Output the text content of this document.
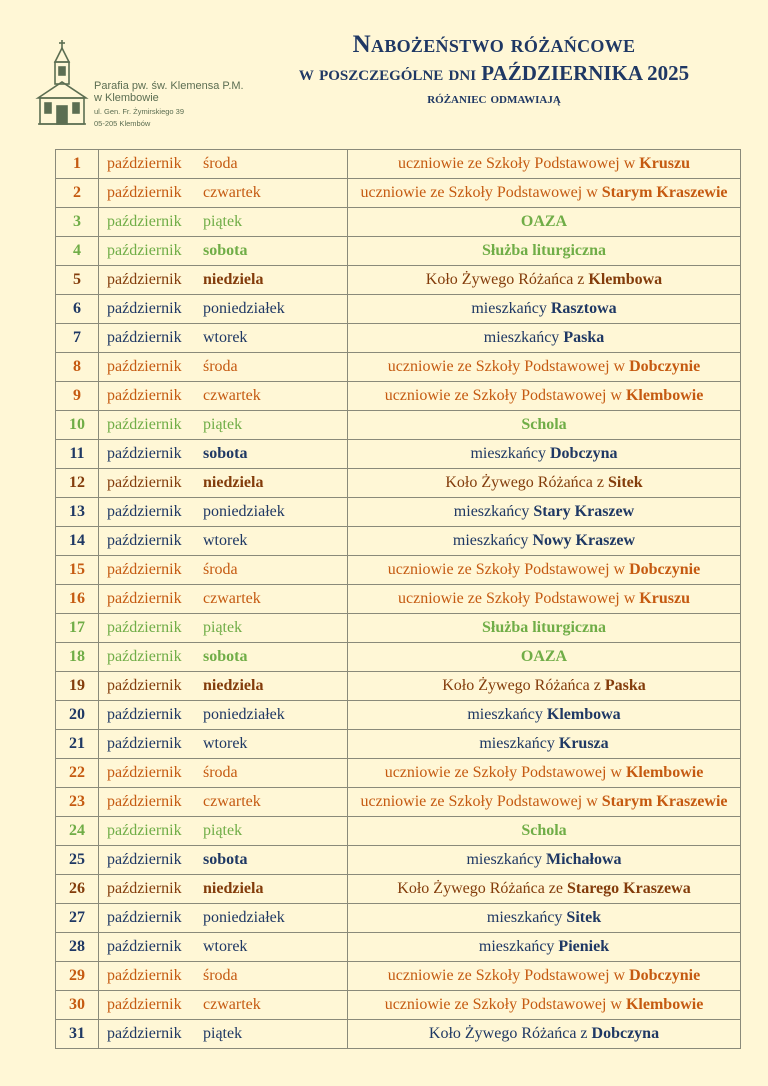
Parafia pw. św. Klemensa P.M.
w Klembowie
ul. Gen. Fr. Żymirskiego 39
05-205 Klembów
Nabożeństwo różańcowe
w poszczególne dni PAŹDZIERNIKA 2025
różaniec odmawiają
1	październik środa	uczniowie ze Szkoły Podstawowej w Kruszu
2	październik czwartek	uczniowie ze Szkoły Podstawowej w Starym Kraszewie
3	październik piątek	OAZA
4	październik sobota	Służba liturgiczna
5	październik niedziela	Koło Żywego Różańca z Klembowa
6	październik poniedziałek	mieszkańcy Rasztowa
7	październik wtorek	mieszkańcy Paska
8	październik środa	uczniowie ze Szkoły Podstawowej w Dobczynie
9	październik czwartek	uczniowie ze Szkoły Podstawowej w Klembowie
10	październik piątek	Schola
11	październik sobota	mieszkańcy Dobczyna
12	październik niedziela	Koło Żywego Różańca z Sitek
13	październik poniedziałek	mieszkańcy Stary Kraszew
14	październik wtorek	mieszkańcy Nowy Kraszew
15	październik środa	uczniowie ze Szkoły Podstawowej w Dobczynie
16	październik czwartek	uczniowie ze Szkoły Podstawowej w Kruszu
17	październik piątek	Służba liturgiczna
18	październik sobota	OAZA
19	październik niedziela	Koło Żywego Różańca z Paska
20	październik poniedziałek	mieszkańcy Klembowa
21	październik wtorek	mieszkańcy Krusza
22	październik środa	uczniowie ze Szkoły Podstawowej w Klembowie
23	październik czwartek	uczniowie ze Szkoły Podstawowej w Starym Kraszewie
24	październik piątek	Schola
25	październik sobota	mieszkańcy Michałowa
26	październik niedziela	Koło Żywego Różańca ze Starego Kraszewa
27	październik poniedziałek	mieszkańcy Sitek
28	październik wtorek	mieszkańcy Pieniek
29	październik środa	uczniowie ze Szkoły Podstawowej w Dobczynie
30	październik czwartek	uczniowie ze Szkoły Podstawowej w Klembowie
31	październik piątek	Koło Żywego Różańca z Dobczyna
